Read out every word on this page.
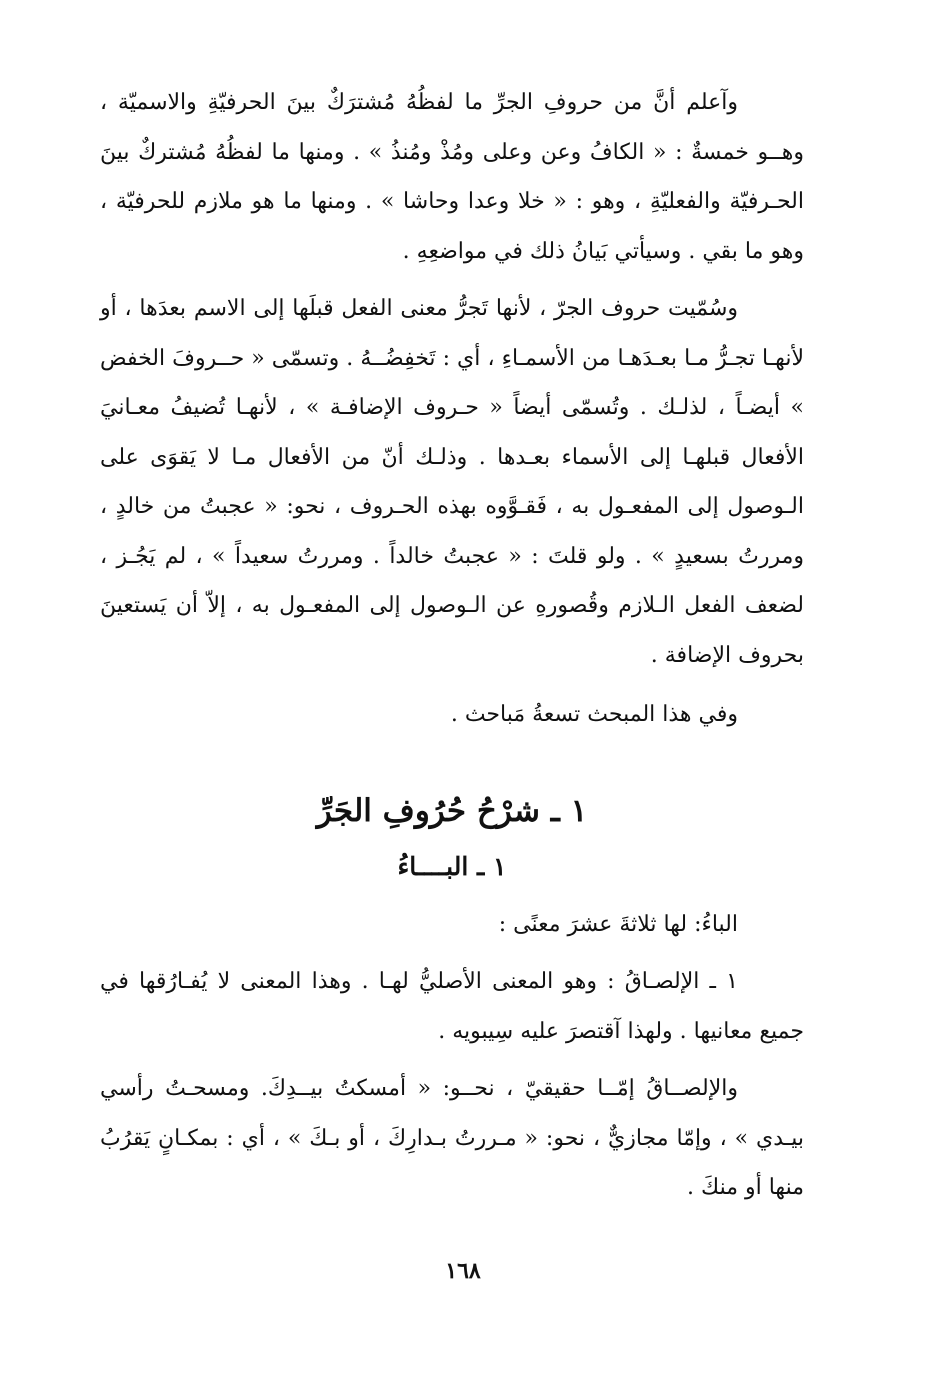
وآعلم أنَّ من حروفِ الجرِّ ما لفظُهُ مُشترَكٌ بينَ الحرفيّةِ والاسميّة ، وهــو خمسةٌ : « الكافُ وعن وعلى ومُذْ ومُنذُ » . ومنها ما لفظُهُ مُشتركٌ بينَ الحـرفيّة والفعليّةِ ، وهو : « خلا وعدا وحاشا » . ومنها ما هو ملازم للحرفيّة ، وهو ما بقي . وسيأتي بَيانُ ذلك في مواضعِهِ .

وسُمّيت حروف الجرّ ، لأنها تَجرُّ معنى الفعل قبلَها إلى الاسم بعدَها ، أو لأنهـا تجـرُّ مـا بعـدَهـا من الأسمـاءِ ، أي : تَخفِضُــهُ . وتسمّى « حــروفَ الخفض » أيضـاً ، لذلـك . وتُسمّى أيضاً « حـروف الإضافـة » ، لأنهـا تُضيفُ معـانيَ الأفعال قبلهـا إلى الأسماء بعـدها . وذلـك أنّ من الأفعال مـا لا يَقوَى على الـوصول إلى المفعـول به ، فَقـوَّوه بهذه الحـروف ، نحو: « عجبتُ من خالدٍ ، ومررتُ بسعيدٍ » . ولو قلتَ : « عجبتُ خالداً . ومررتُ سعيداً » ، لم يَجُـز ، لضعف الفعل الـلازم وقُصورهِ عن الـوصول إلى المفعـول به ، إلاّ أن يَستعينَ بحروف الإضافة .

وفي هذا المبحث تسعةُ مَباحث .

١ ـ شرْحُ حُرُوفِ الجَرِّ
١ ـ البــــاءُ

الباءُ: لها ثلاثةَ عشرَ معنًى :

١ ـ الإلصـاقُ : وهو المعنى الأصليُّ لهـا . وهذا المعنى لا يُفـارُقها في جميع معانيها . ولهذا آقتصرَ عليه سِيبويه .

والإلصــاقُ إمّــا حقيقيّ ، نحــو: « أمسكتُ بيــدِكَ. ومسحـتُ رأسي بيـدي » ، وإمّا مجازيٌّ ، نحو: « مـررتُ بـدارِكَ ، أو بـكَ » ، أي : بمكـانٍ يَقرُبُ منها أو منكَ .

١٦٨
